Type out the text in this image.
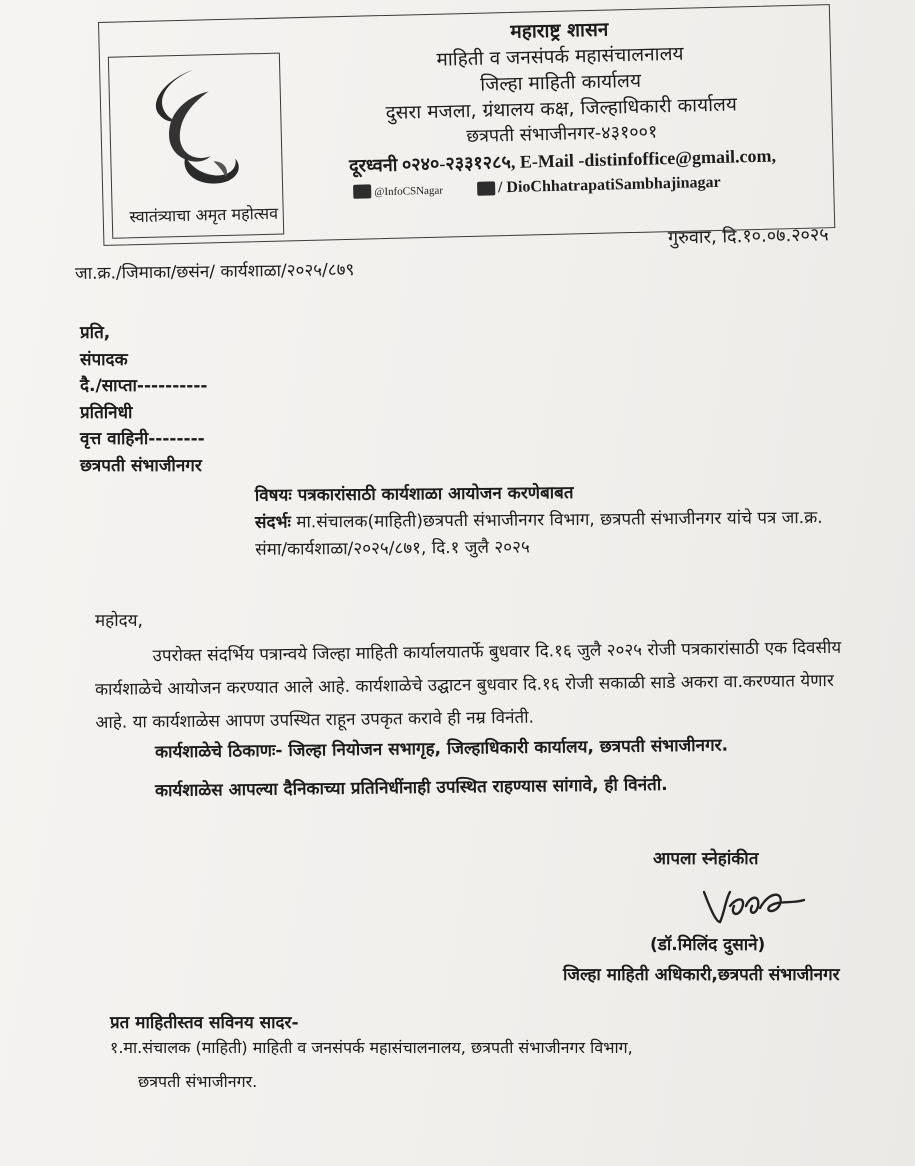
स्वातंत्र्याचा अमृत महोत्सव
महाराष्ट्र शासन
माहिती व जनसंपर्क महासंचालनालय
जिल्हा माहिती कार्यालय
दुसरा मजला, ग्रंथालय कक्ष, जिल्हाधिकारी कार्यालय
छत्रपती संभाजीनगर-४३१००१
दूरध्वनी ०२४०-२३३१२८५, E-Mail -distinfoffice@gmail.com,
@InfoCSNagar	/ DioChhatrapatiSambhajinagar
गुरुवार, दि.१०.०७.२०२५
जा.क्र./जिमाका/छसंन/ कार्यशाळा/२०२५/८७९
प्रति,
संपादक
दै./साप्ता----------
प्रतिनिधी
वृत्त वाहिनी--------
छत्रपती संभाजीनगर
विषयः पत्रकारांसाठी कार्यशाळा आयोजन करणेबाबत
संदर्भः मा.संचालक(माहिती)छत्रपती संभाजीनगर विभाग, छत्रपती संभाजीनगर यांचे पत्र जा.क्र.
संमा/कार्यशाळा/२०२५/८७१, दि.१ जुलै २०२५
महोदय,
उपरोक्त संदर्भिय पत्रान्वये जिल्हा माहिती कार्यालयातर्फे बुधवार दि.१६ जुलै २०२५ रोजी पत्रकारांसाठी एक दिवसीय
कार्यशाळेचे आयोजन करण्यात आले आहे. कार्यशाळेचे उद्घाटन बुधवार दि.१६ रोजी सकाळी साडे अकरा वा.करण्यात येणार
आहे. या कार्यशाळेस आपण उपस्थित राहून उपकृत करावे ही नम्र विनंती.
कार्यशाळेचे ठिकाणः- जिल्हा नियोजन सभागृह, जिल्हाधिकारी कार्यालय, छत्रपती संभाजीनगर.
कार्यशाळेस आपल्या दैनिकाच्या प्रतिनिधींनाही उपस्थित राहण्यास सांगावे, ही विनंती.
आपला स्नेहांकीत
(डॉ.मिलिंद दुसाने)
जिल्हा माहिती अधिकारी,छत्रपती संभाजीनगर
प्रत माहितीस्तव सविनय सादर-
१.मा.संचालक (माहिती) माहिती व जनसंपर्क महासंचालनालय, छत्रपती संभाजीनगर विभाग,
छत्रपती संभाजीनगर.
